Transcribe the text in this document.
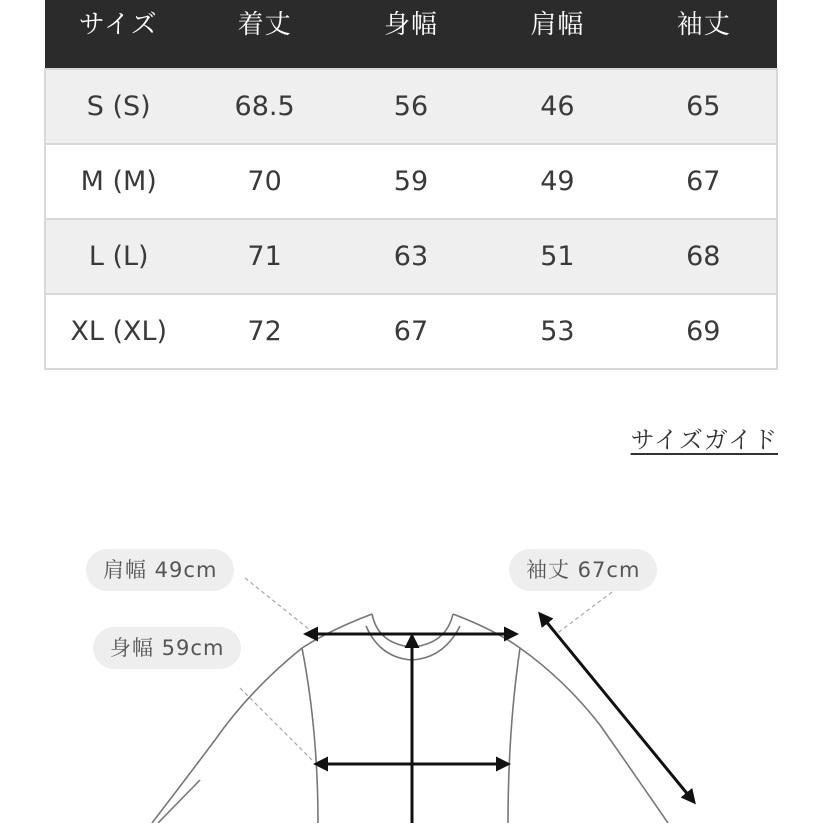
サイズ	着丈	身幅	肩幅	袖丈
S (S)	68.5	56	46	65
M (M)	70	59	49	67
L (L)	71	63	51	68
XL (XL)	72	67	53	69
サイズガイド
肩幅 49cm
身幅 59cm
袖丈 67cm
